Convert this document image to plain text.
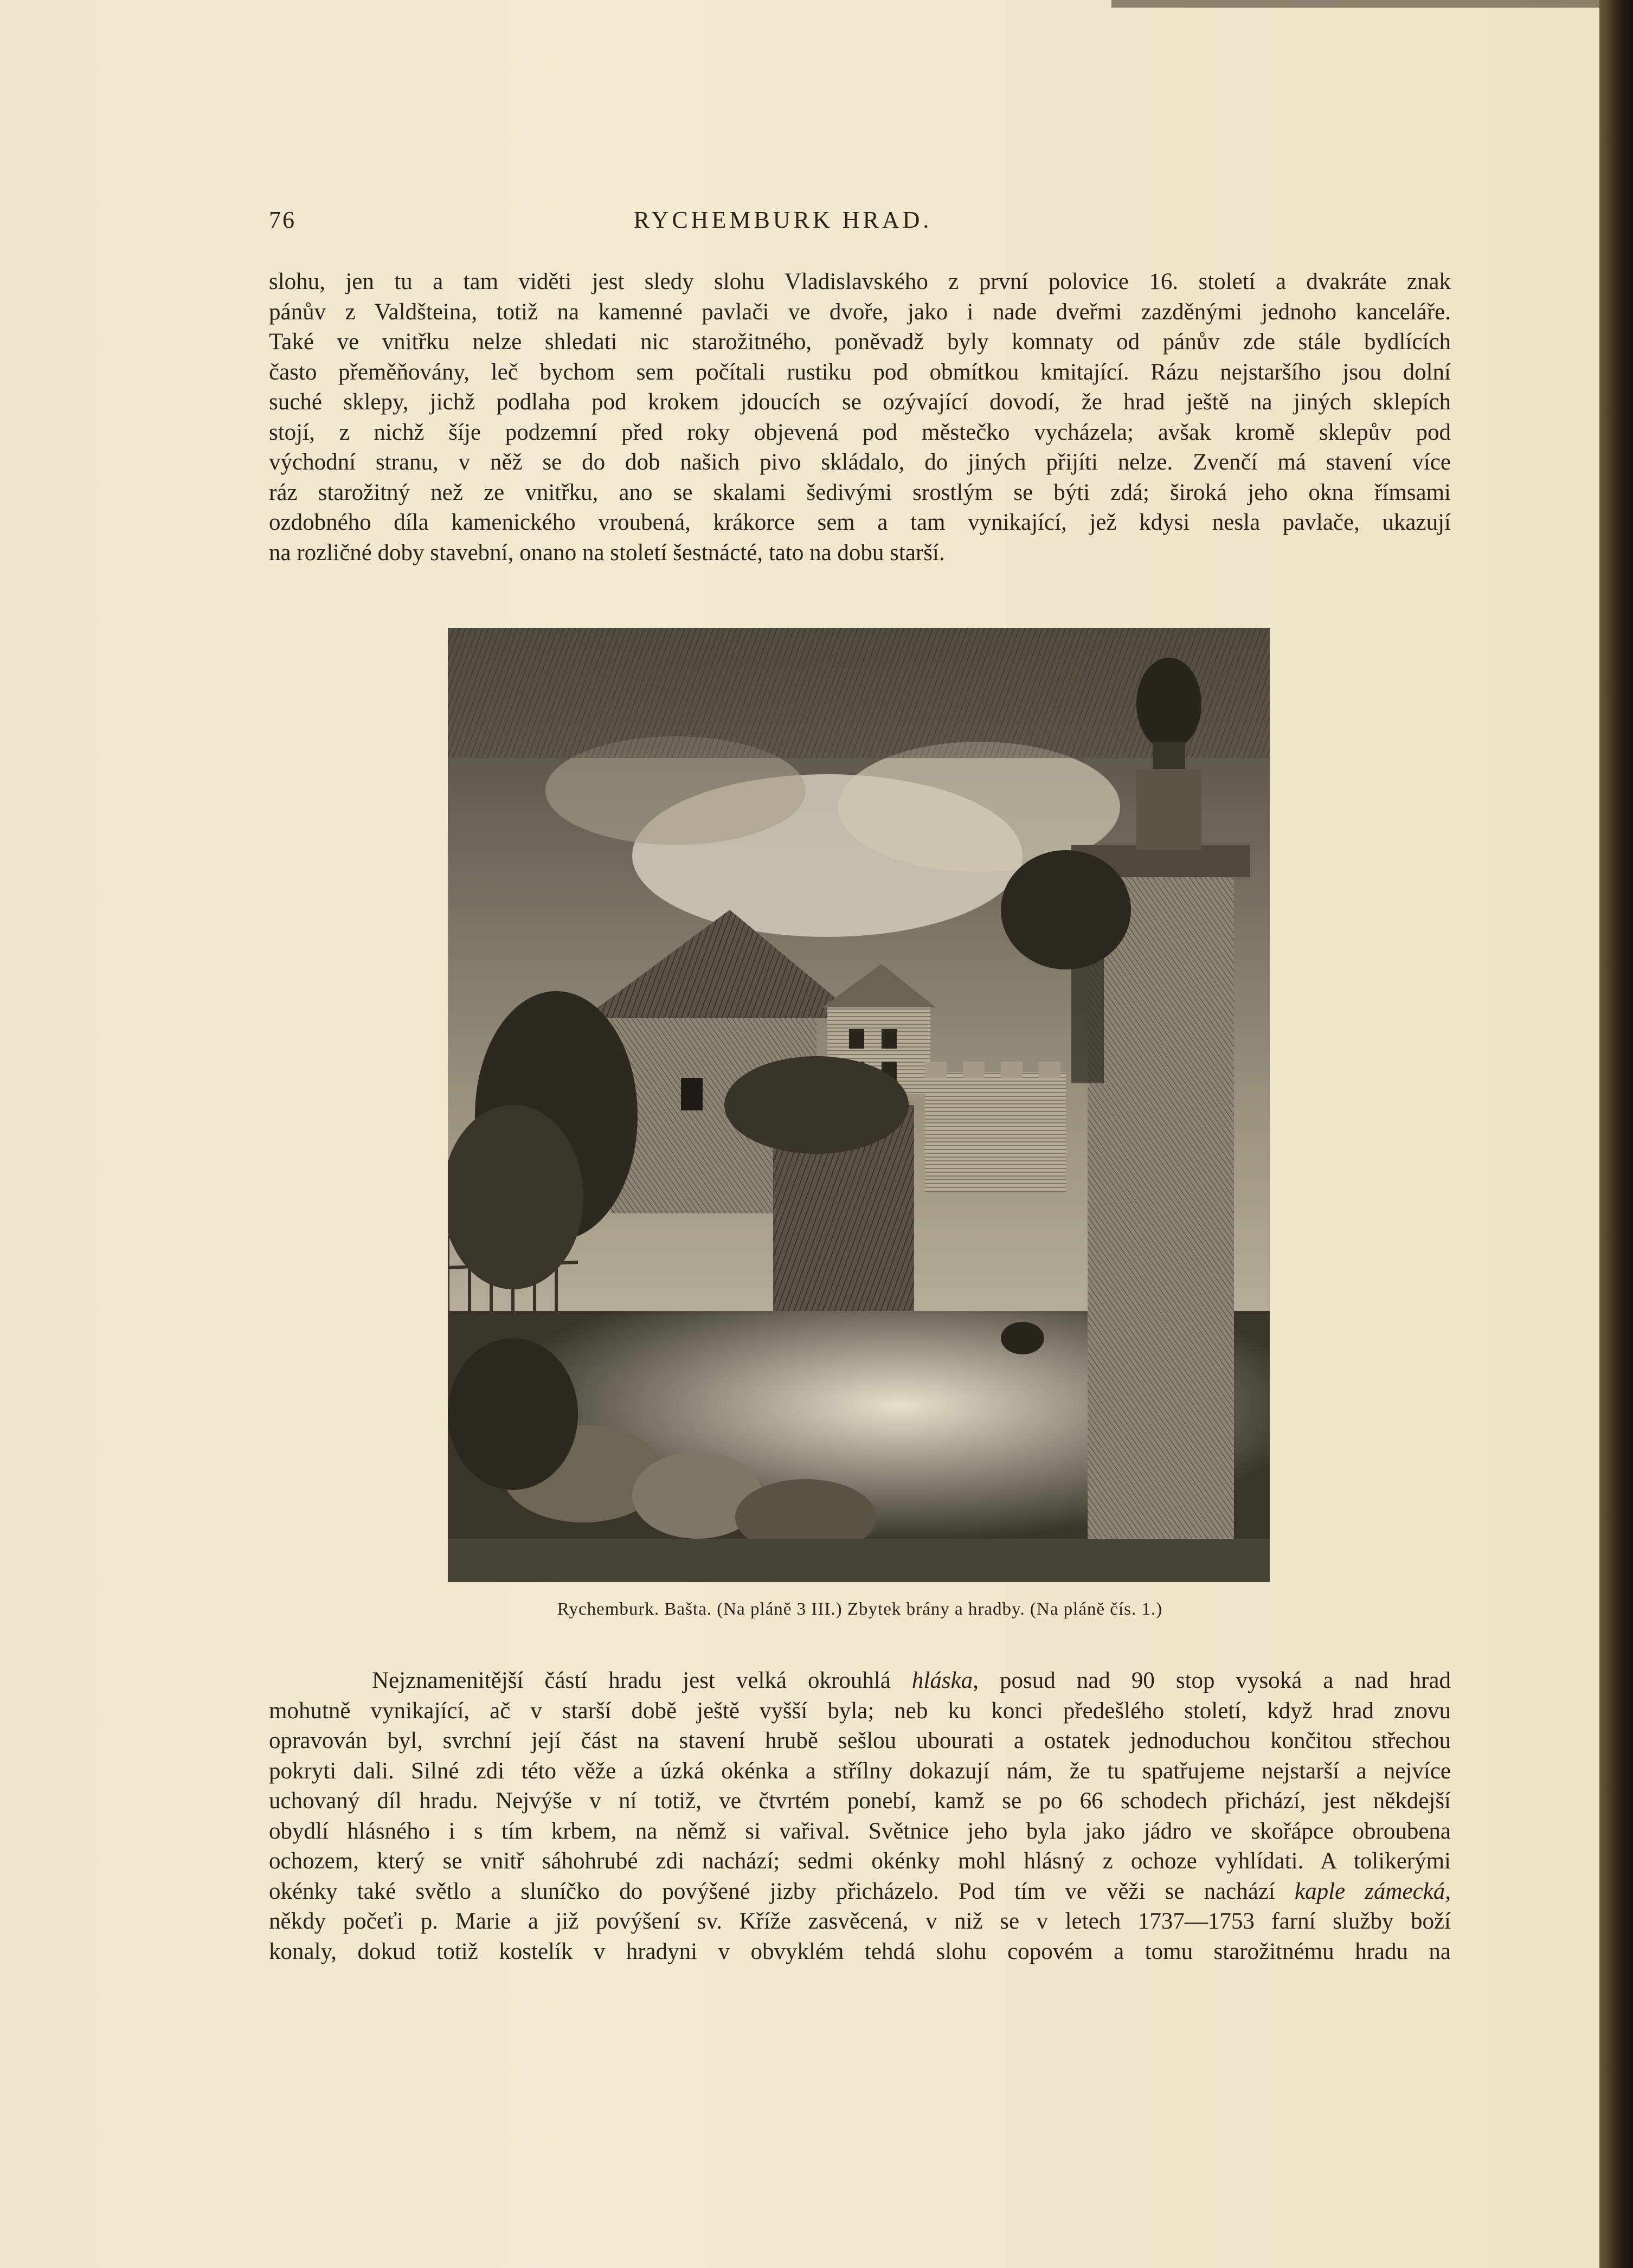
76	RYCHEMBURK HRAD.
slohu, jen tu a tam viděti jest sledy slohu Vladislavského z první polovice 16. století a dvakráte znak
pánův z Valdšteina, totiž na kamenné pavlači ve dvoře, jako i nade dveřmi zazděnými jednoho kanceláře.
Také ve vnitřku nelze shledati nic starožitného, poněvadž byly komnaty od pánův zde stále bydlících
často přeměňovány, leč bychom sem počítali rustiku pod obmítkou kmitající. Rázu nejstaršího jsou dolní
suché sklepy, jichž podlaha pod krokem jdoucích se ozývající dovodí, že hrad ještě na jiných sklepích
stojí, z nichž šíje podzemní před roky objevená pod městečko vycházela; avšak kromě sklepův pod
východní stranu, v něž se do dob našich pivo skládalo, do jiných přijíti nelze. Zvenčí má stavení více
ráz starožitný než ze vnitřku, ano se skalami šedivými srostlým se býti zdá; široká jeho okna římsami
ozdobného díla kamenického vroubená, krákorce sem a tam vynikající, jež kdysi nesla pavlače, ukazují
na rozličné doby stavební, onano na století šestnácté, tato na dobu starší.
Rychemburk. Bašta. (Na plánĕ 3 III.) Zbytek brány a hradby. (Na plánĕ čís. 1.)
Nejznamenitější částí hradu jest velká okrouhlá hláska, posud nad 90 stop vysoká a nad hrad
mohutně vynikající, ač v starší době ještě vyšší byla; neb ku konci předešlého století, když hrad znovu
opravován byl, svrchní její část na stavení hrubě sešlou ubourati a ostatek jednoduchou končitou střechou
pokryti dali. Silné zdi této věže a úzká okénka a střílny dokazují nám, že tu spatřujeme nejstarší a nejvíce
uchovaný díl hradu. Nejvýše v ní totiž, ve čtvrtém ponebí, kamž se po 66 schodech přichází, jest někdejší
obydlí hlásného i s tím krbem, na němž si vařival. Světnice jeho byla jako jádro ve skořápce obroubena
ochozem, který se vnitř sáhohrubé zdi nachází; sedmi okénky mohl hlásný z ochoze vyhlídati. A tolikerými
okénky také světlo a sluníčko do povýšené jizby přicházelo. Pod tím ve věži se nachází kaple zámecká,
někdy počeťi p. Marie a již povýšení sv. Kříže zasvěcená, v niž se v letech 1737—1753 farní služby boží
konaly, dokud totiž kostelík v hradyni v obvyklém tehdá slohu copovém a tomu starožitnému hradu na
